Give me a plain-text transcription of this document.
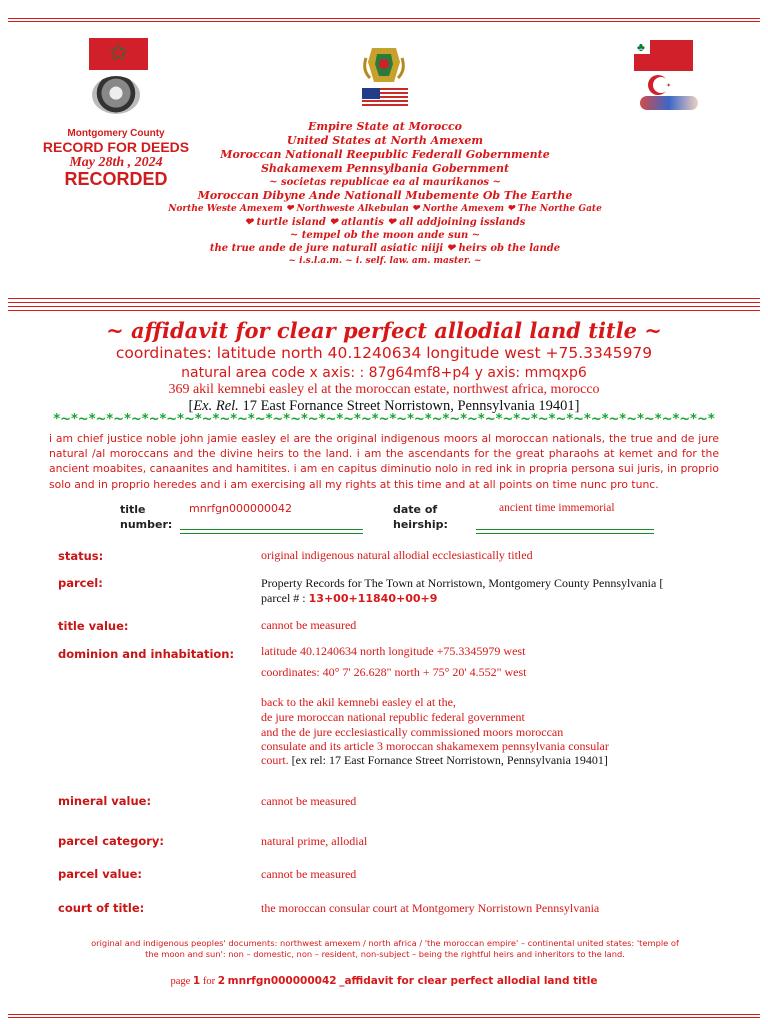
✩	♣
Montgomery County
RECORD FOR DEEDS
May 28th , 2024
RECORDED
Empire State at Morocco
United States at North Amexem
Moroccan Nationall Reepublic Federall Gobernmente
Shakamexem Pennsylbania Gobernment
~ societas republicae ea al maurikanos ~
Moroccan Dibyne Ande Nationall Mubemente Ob The Earthe
Northe Weste Amexem ❤ Northweste Alkebulan ❤ Northe Amexem ❤ The Northe Gate
❤ turtle island ❤ atlantis ❤ all addjoining isslands
~ tempel ob the moon ande sun ~
the true ande de jure naturall asiatic niiji ❤ heirs ob the lande
~ i.s.l.a.m. ~ i. self. law. am. master. ~
~ affidavit for clear perfect allodial land title ~
coordinates: latitude north 40.1240634 longitude west +75.3345979
natural area code x axis: : 87g64mf8+p4 y axis: mmqxp6
369 akil kemnebi easley el at the moroccan estate, northwest africa, morocco
[Ex. Rel. 17 East Fornance Street Norristown, Pennsylvania 19401]
*~*~*~*~*~*~*~*~*~*~*~*~*~*~*~*~*~*~*~*~*~*~*~*~*~*~*~*~*~*~*~*~*~*~*~*~*~*
i am chief justice noble john jamie easley el are the original indigenous moors al moroccan nationals, the true and de jure natural /al moroccans and the divine heirs to the land. i am the ascendants for the great pharaohs at kemet and for the ancient moabites, canaanites and hamitites. i am en capitus diminutio nolo in red ink in propria persona sui juris, in proprio solo and in proprio heredes and i am exercising all my rights at this time and at all points on time nunc pro tunc.
title number:
mnrfgn000000042	date of heirship:
ancient time immemorial
status:	original indigenous natural allodial ecclesiastically titled
parcel:	Property Records for The Town at Norristown, Montgomery County Pennsylvania [ parcel # : 13+00+11840+00+9
title value:	cannot be measured
dominion and inhabitation: latitude 40.1240634 north longitude +75.3345979 west
coordinates: 40° 7' 26.628" north + 75° 20' 4.552" west
back to the akil kemnebi easley el at the,
de jure moroccan national republic federal government
and the de jure ecclesiastically commissioned moors moroccan
consulate and its article 3 moroccan shakamexem pennsylvania consular
court. [ex rel: 17 East Fornance Street Norristown, Pennsylvania 19401]
mineral value:	cannot be measured
parcel category:	natural prime, allodial
parcel value:	cannot be measured
court of title:	the moroccan consular court at Montgomery Norristown Pennsylvania
original and indigenous peoples' documents: northwest amexem / north africa / 'the moroccan empire' – continental united states: 'temple of the moon and sun': non – domestic, non – resident, non-subject – being the rightful heirs and inheritors to the land.
page 1 for 2 mnrfgn000000042 _affidavit for clear perfect allodial land title
